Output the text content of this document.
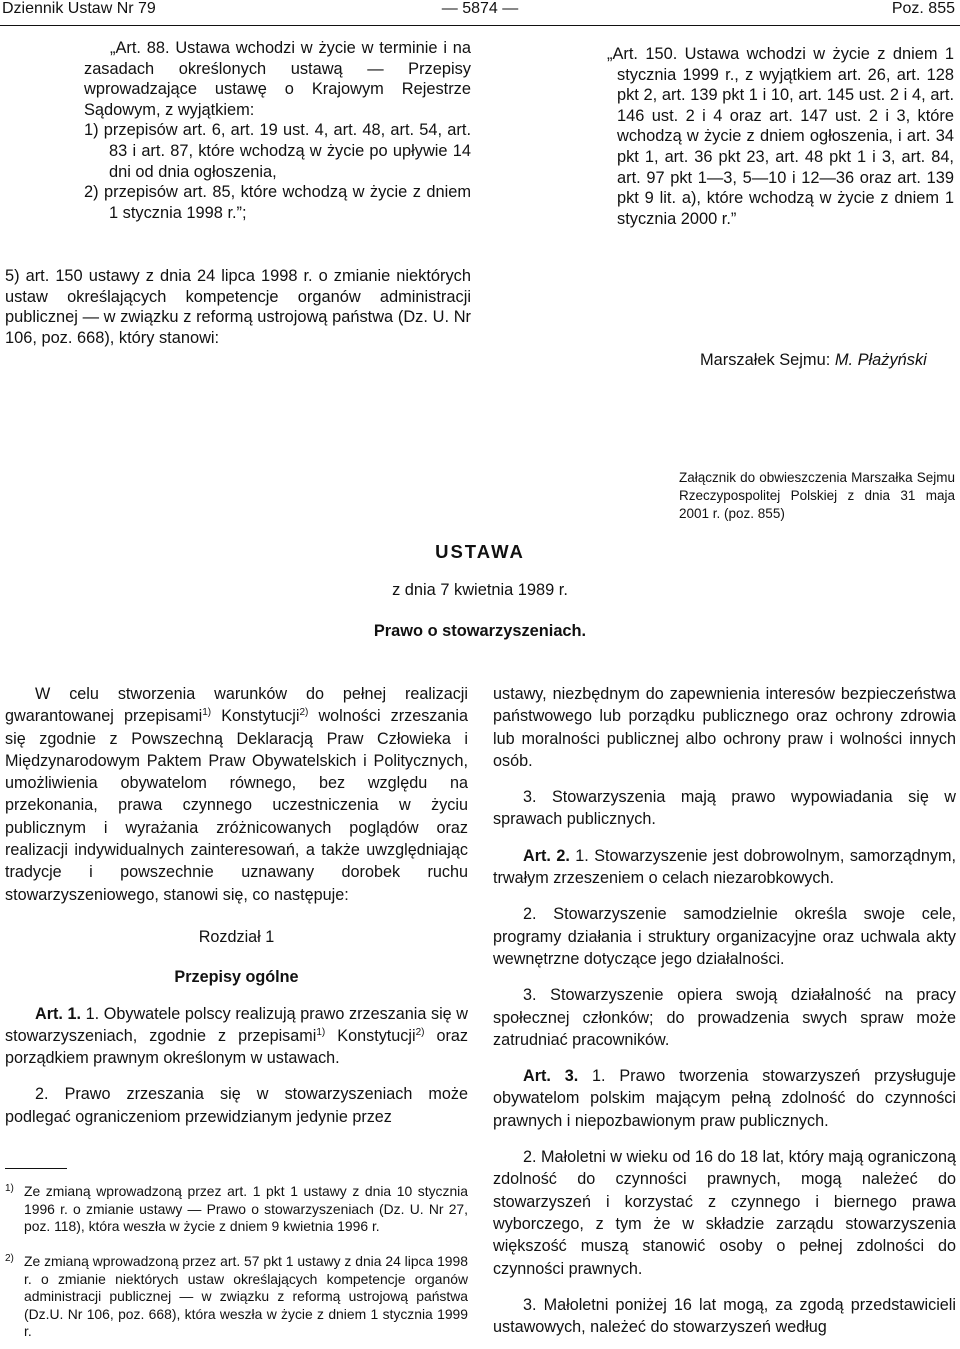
Dziennik Ustaw Nr 79	— 5874 —	Poz. 855

„Art. 88. Ustawa wchodzi w życie w terminie i na zasadach określonych ustawą — Przepisy wprowadzające ustawę o Krajowym Rejestrze Sądowym, z wyjątkiem:

1) przepisów art. 6, art. 19 ust. 4, art. 48, art. 54, art. 83 i art. 87, które wchodzą w życie po upływie 14 dni od dnia ogłoszenia,

2) przepisów art. 85, które wchodzą w życie z dniem 1 stycznia 1998 r.”;

5) art. 150 ustawy z dnia 24 lipca 1998 r. o zmianie niektórych ustaw określających kompetencje organów administracji publicznej — w związku z reformą ustrojową państwa (Dz. U. Nr 106, poz. 668), który stanowi:

„Art. 150. Ustawa wchodzi w życie z dniem 1 stycznia 1999 r., z wyjątkiem art. 26, art. 128 pkt 2, art. 139 pkt 1 i 10, art. 145 ust. 2 i 4, art. 146 ust. 2 i 4 oraz art. 147 ust. 2 i 3, które wchodzą w życie z dniem ogłoszenia, i art. 34 pkt 1, art. 36 pkt 23, art. 48 pkt 1 i 3, art. 84, art. 97 pkt 1—3, 5—10 i 12—36 oraz art. 139 pkt 9 lit. a), które wchodzą w życie z dniem 1 stycznia 2000 r.”

Marszałek Sejmu: M. Płażyński
Załącznik do obwieszczenia Marszałka Sejmu Rzeczypospolitej Polskiej z dnia 31 maja 2001 r. (poz. 855)
USTAWA
z dnia 7 kwietnia 1989 r.
Prawo o stowarzyszeniach.

W celu stworzenia warunków do pełnej realizacji gwarantowanej przepisami$^{1)}$ Konstytucji$^{2)}$ wolności zrzeszania się zgodnie z Powszechną Deklaracją Praw Człowieka i Międzynarodowym Paktem Praw Obywatelskich i Politycznych, umożliwienia obywatelom równego, bez względu na przekonania, prawa czynnego uczestniczenia w życiu publicznym i wyrażania zróżnicowanych poglądów oraz realizacji indywidualnych zainteresowań, a także uwzględniając tradycje i powszechnie uznawany dorobek ruchu stowarzyszeniowego, stanowi się, co następuje:

Rozdział 1

Przepisy ogólne

Art. 1. 1. Obywatele polscy realizują prawo zrzeszania się w stowarzyszeniach, zgodnie z przepisami$^{1)}$ Konstytucji$^{2)}$ oraz porządkiem prawnym określonym w ustawach.

2. Prawo zrzeszania się w stowarzyszeniach może podlegać ograniczeniom przewidzianym jedynie przez

ustawy, niezbędnym do zapewnienia interesów bezpieczeństwa państwowego lub porządku publicznego oraz ochrony zdrowia lub moralności publicznej albo ochrony praw i wolności innych osób.

3. Stowarzyszenia mają prawo wypowiadania się w sprawach publicznych.

Art. 2. 1. Stowarzyszenie jest dobrowolnym, samorządnym, trwałym zrzeszeniem o celach niezarobkowych.

2. Stowarzyszenie samodzielnie określa swoje cele, programy działania i struktury organizacyjne oraz uchwala akty wewnętrzne dotyczące jego działalności.

3. Stowarzyszenie opiera swoją działalność na pracy społecznej członków; do prowadzenia swych spraw może zatrudniać pracowników.

Art. 3. 1. Prawo tworzenia stowarzyszeń przysługuje obywatelom polskim mającym pełną zdolność do czynności prawnych i niepozbawionym praw publicznych.

2. Małoletni w wieku od 16 do 18 lat, który mają ograniczoną zdolność do czynności prawnych, mogą należeć do stowarzyszeń i korzystać z czynnego i biernego prawa wyborczego, z tym że w składzie zarządu stowarzyszenia większość muszą stanowić osoby o pełnej zdolności do czynności prawnych.

3. Małoletni poniżej 16 lat mogą, za zgodą przedstawicieli ustawowych, należeć do stowarzyszeń według

1) Ze zmianą wprowadzoną przez art. 1 pkt 1 ustawy z dnia 10 stycznia 1996 r. o zmianie ustawy — Prawo o stowarzyszeniach (Dz. U. Nr 27, poz. 118), która weszła w życie z dniem 9 kwietnia 1996 r.
2) Ze zmianą wprowadzoną przez art. 57 pkt 1 ustawy z dnia 24 lipca 1998 r. o zmianie niektórych ustaw określających kompetencje organów administracji publicznej — w związku z reformą ustrojową państwa (Dz.U. Nr 106, poz. 668), która weszła w życie z dniem 1 stycznia 1999 r.
